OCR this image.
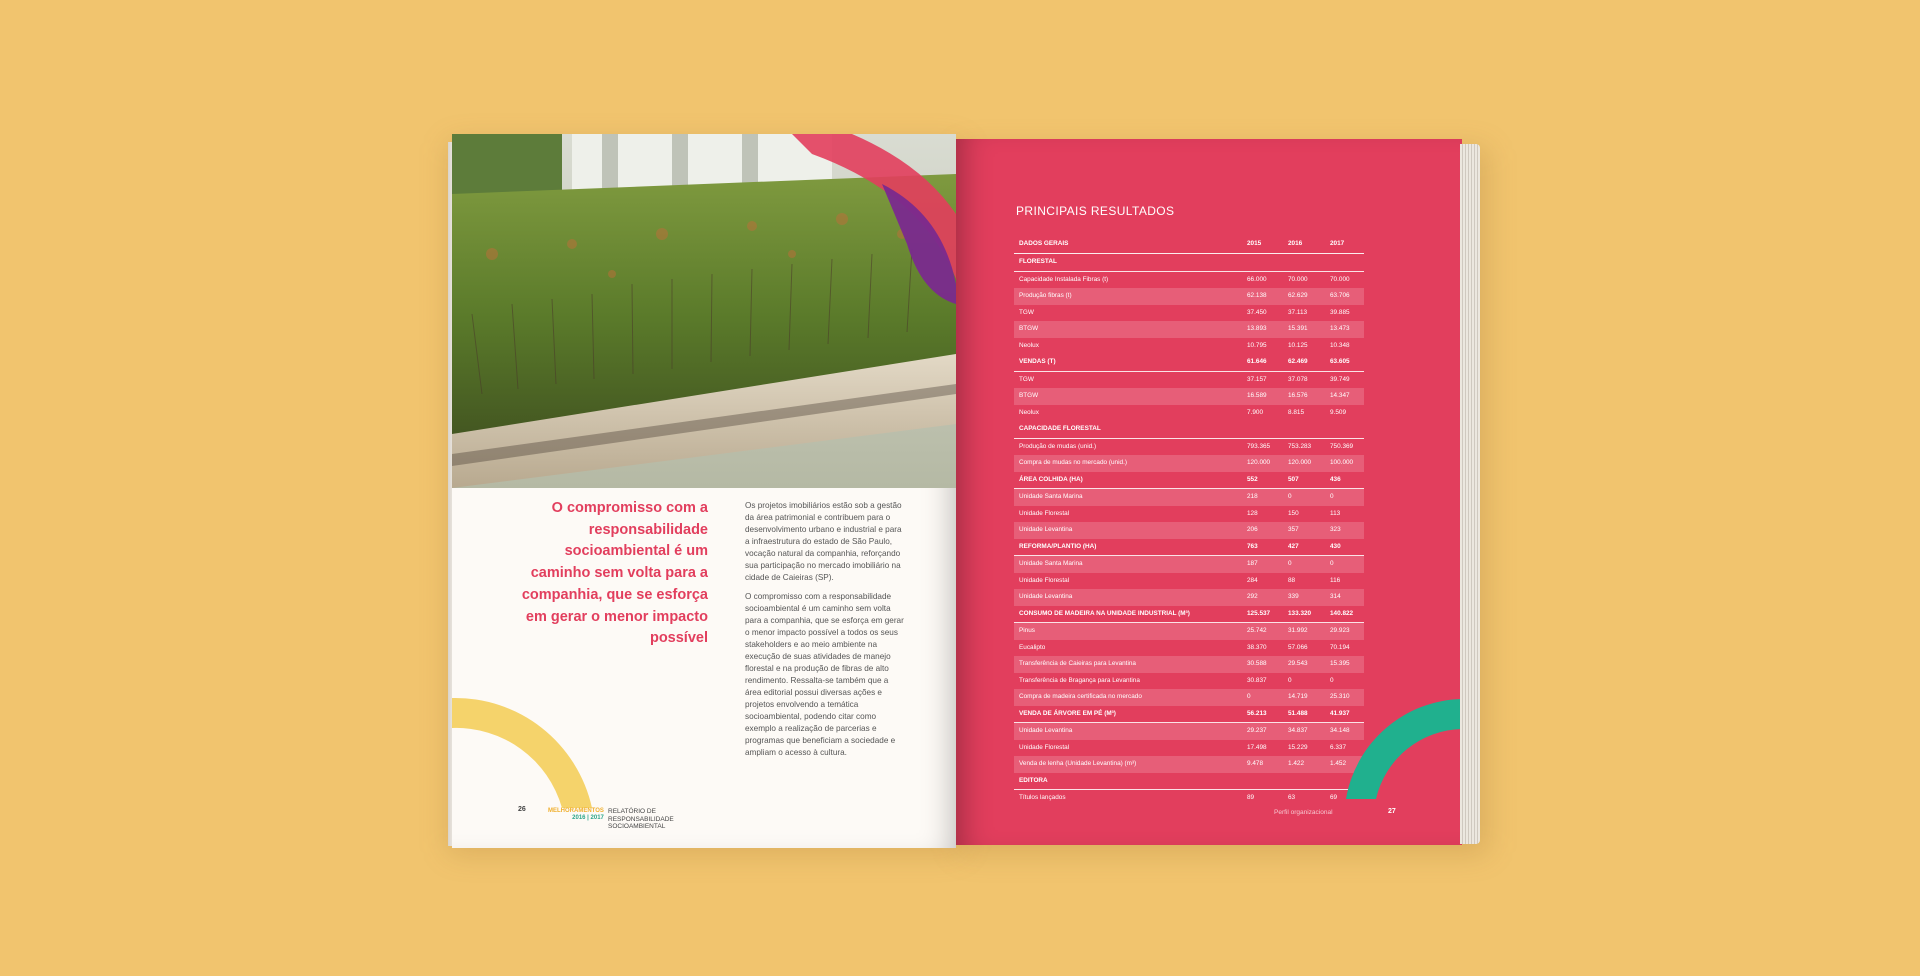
O compromisso com a responsabilidade socioambiental é um caminho sem volta para a companhia, que se esforça em gerar o menor impacto possível

Os projetos imobiliários estão sob a gestão da área patrimonial e contribuem para o desenvolvimento urbano e industrial e para a infraestrutura do estado de São Paulo, vocação natural da companhia, reforçando sua participação no mercado imobiliário na cidade de Caieiras (SP).

O compromisso com a responsabilidade socioambiental é um caminho sem volta para a companhia, que se esforça em gerar o menor impacto possível a todos os seus stakeholders e ao meio ambiente na execução de suas atividades de manejo florestal e na produção de fibras de alto rendimento. Ressalta-se também que a área editorial possui diversas ações e projetos envolvendo a temática socioambiental, podendo citar como exemplo a realização de parcerias e programas que beneficiam a sociedade e ampliam o acesso à cultura.

26	MELHORAMENTOS
2016 | 2017
RELATÓRIO DE
RESPONSABILIDADE
SOCIOAMBIENTAL
PRINCIPAIS RESULTADOS
DADOS GERAIS	2015	2016	2017
FLORESTAL
Capacidade Instalada Fibras (t)	66.000	70.000	70.000
Produção fibras (t)	62.138	62.629	63.706
TGW	37.450	37.113	39.885
BTGW	13.893	15.391	13.473
Neolux	10.795	10.125	10.348
VENDAS (T)	61.646	62.469	63.605
TGW	37.157	37.078	39.749
BTGW	16.589	16.576	14.347
Neolux	7.900	8.815	9.509
CAPACIDADE FLORESTAL
Produção de mudas (unid.)	793.365	753.283	750.369
Compra de mudas no mercado (unid.)	120.000	120.000	100.000
ÁREA COLHIDA (HA)	552	507	436
Unidade Santa Marina	218	0	0
Unidade Florestal	128	150	113
Unidade Levantina	206	357	323
REFORMA/PLANTIO (HA)	763	427	430
Unidade Santa Marina	187	0	0
Unidade Florestal	284	88	116
Unidade Levantina	292	339	314
CONSUMO DE MADEIRA NA UNIDADE INDUSTRIAL (M³)	125.537	133.320	140.822
Pinus	25.742	31.992	29.923
Eucalipto	38.370	57.066	70.194
Transferência de Caieiras para Levantina	30.588	29.543	15.395
Transferência de Bragança para Levantina	30.837	0	0
Compra de madeira certificada no mercado	0	14.719	25.310
VENDA DE ÁRVORE EM PÉ (M³)	56.213	51.488	41.937
Unidade Levantina	29.237	34.837	34.148
Unidade Florestal	17.498	15.229	6.337
Venda de lenha (Unidade Levantina) (m³)	9.478	1.422	1.452
EDITORA
Títulos lançados	89	63	69
Perfil organizacional	27
